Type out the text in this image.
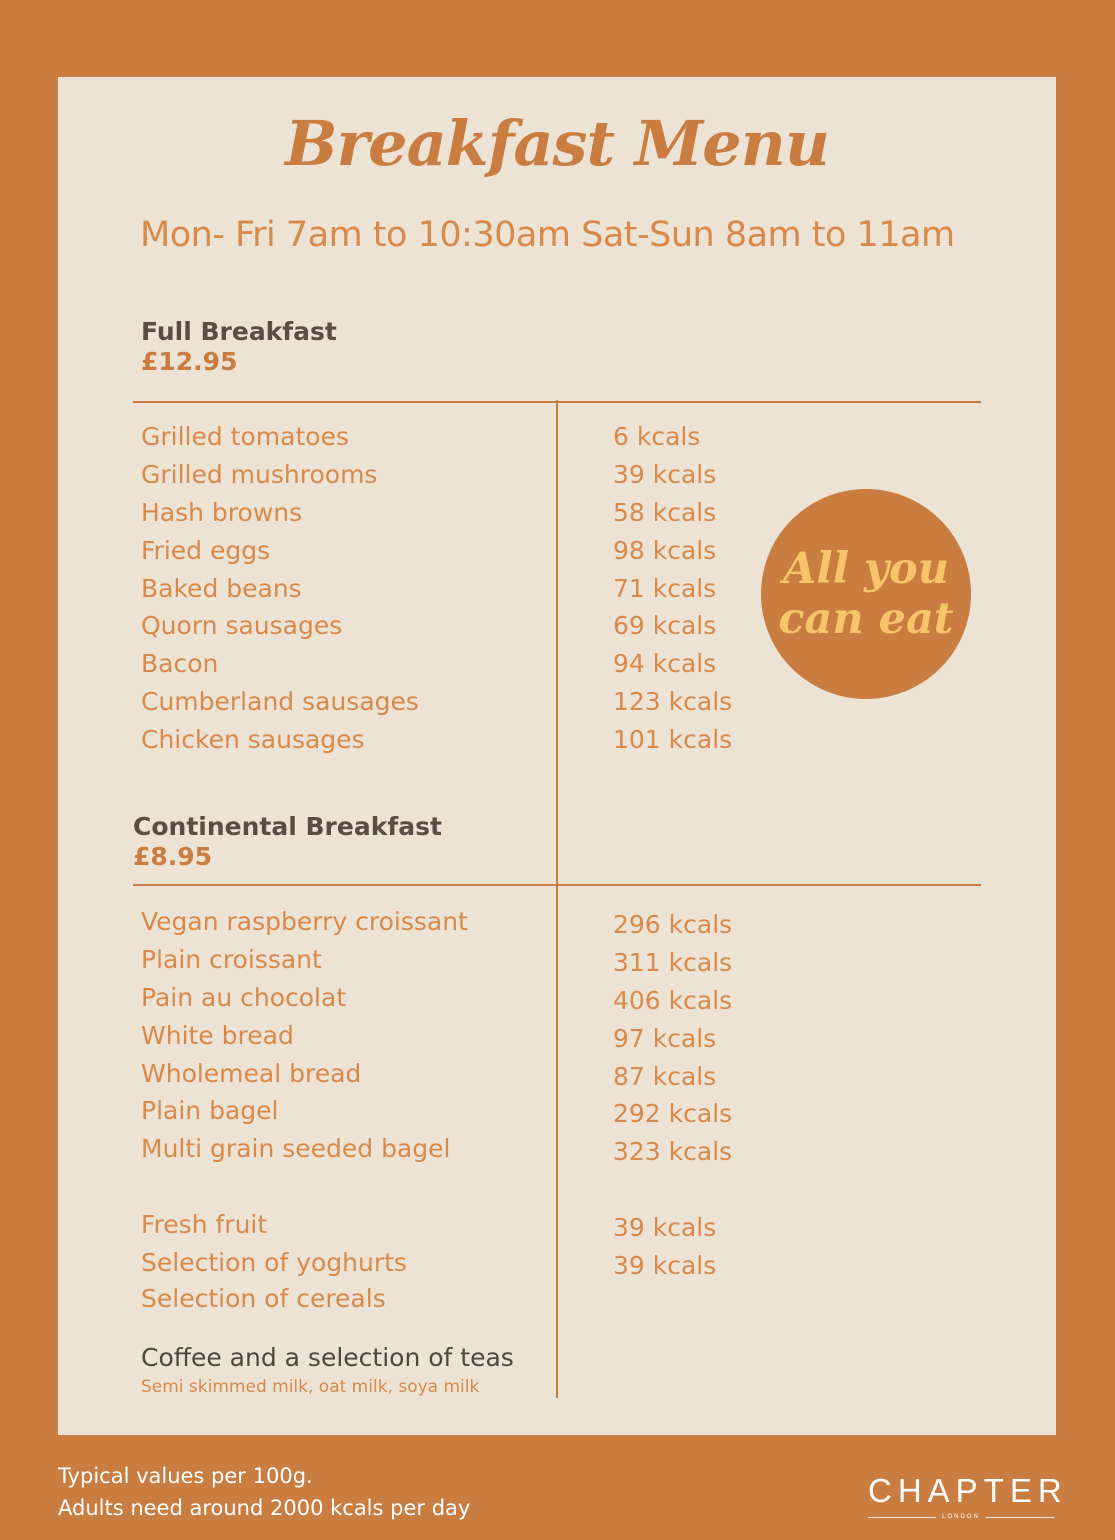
Breakfast Menu
Mon- Fri 7am to 10:30am Sat-Sun 8am to 11am
Full Breakfast
£12.95
Grilled tomatoes
Grilled mushrooms
Hash browns
Fried eggs
Baked beans
Quorn sausages
Bacon
Cumberland sausages
Chicken sausages
6 kcals
39 kcals
58 kcals
98 kcals
71 kcals
69 kcals
94 kcals
123 kcals
101 kcals
All you
can eat
Continental Breakfast
£8.95
Vegan raspberry croissant
Plain croissant
Pain au chocolat
White bread
Wholemeal bread
Plain bagel
Multi grain seeded bagel
296 kcals
311 kcals
406 kcals
97 kcals
87 kcals
292 kcals
323 kcals
Fresh fruit
Selection of yoghurts
Selection of cereals
39 kcals
39 kcals
Coffee and a selection of teas
Semi skimmed milk, oat milk, soya milk
Typical values per 100g.
Adults need around 2000 kcals per day	CHAPTER
LONDON
